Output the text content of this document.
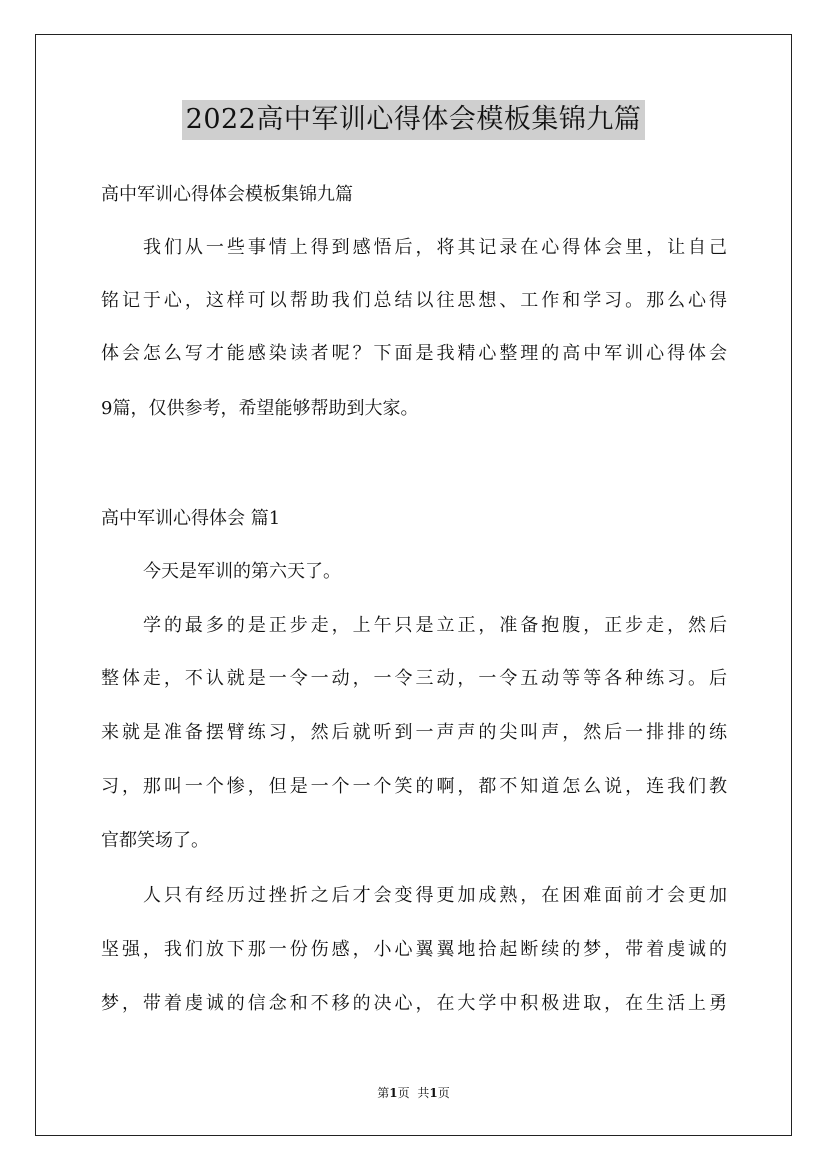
2022高中军训心得体会模板集锦九篇
高中军训心得体会模板集锦九篇
我们从一些事情上得到感悟后，将其记录在心得体会里，让自己
铭记于心，这样可以帮助我们总结以往思想、工作和学习。那么心得
体会怎么写才能感染读者呢？下面是我精心整理的高中军训心得体会
9篇，仅供参考，希望能够帮助到大家。
高中军训心得体会 篇1
今天是军训的第六天了。
学的最多的是正步走，上午只是立正，准备抱腹，正步走，然后
整体走，不认就是一令一动，一令三动，一令五动等等各种练习。后
来就是准备摆臂练习，然后就听到一声声的尖叫声，然后一排排的练
习，那叫一个惨，但是一个一个笑的啊，都不知道怎么说，连我们教
官都笑场了。
人只有经历过挫折之后才会变得更加成熟，在困难面前才会更加
坚强，我们放下那一份伤感，小心翼翼地拾起断续的梦，带着虔诚的
梦，带着虔诚的信念和不移的决心，在大学中积极进取，在生活上勇
第1页 共1页
